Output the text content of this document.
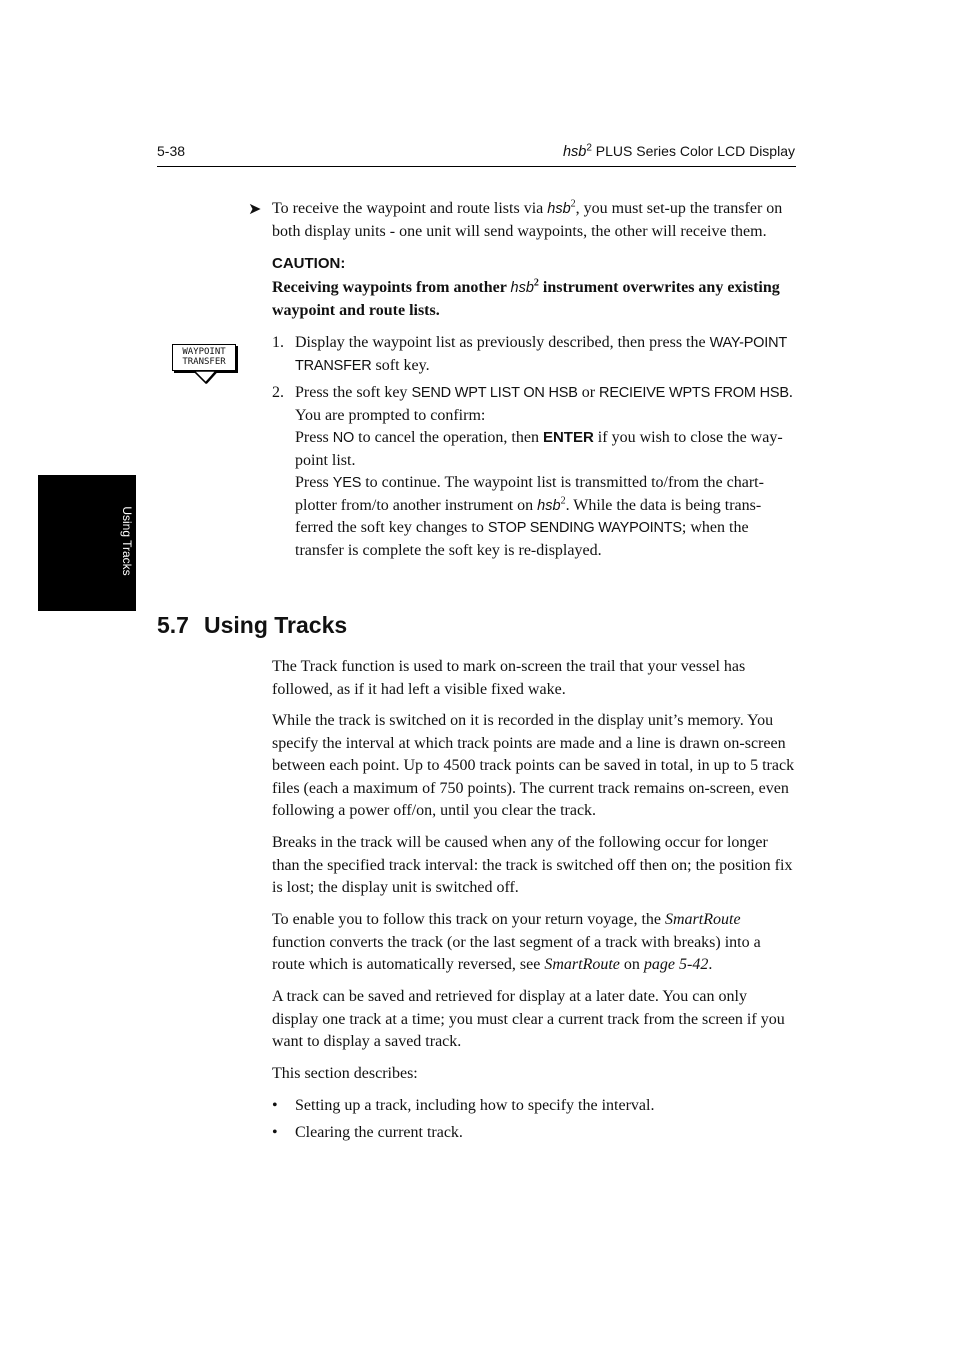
5-38	hsb$^2$ PLUS Series Color LCD Display
Using Tracks
➤ To receive the waypoint and route lists via hsb$^2$, you must set-up the transfer on both display units - one unit will send waypoints, the other will receive them.

CAUTION:

Receiving waypoints from another hsb$^2$ instrument overwrites any existing waypoint and route lists.

WAYPOINT
TRANSFER
1. Display the waypoint list as previously described, then press the WAY-POINT TRANSFER soft key.
2. Press the soft key SEND WPT LIST ON HSB or RECIEIVE WPTS FROM HSB. You are prompted to confirm:
Press NO to cancel the operation, then ENTER if you wish to close the way-point list.
Press YES to continue. The waypoint list is transmitted to/from the chart-plotter from/to another instrument on hsb$^2$. While the data is being trans-ferred the soft key changes to STOP SENDING WAYPOINTS; when the transfer is complete the soft key is re-displayed.
5.7 Using Tracks

The Track function is used to mark on-screen the trail that your vessel has followed, as if it had left a visible fixed wake.

While the track is switched on it is recorded in the display unit’s memory. You specify the interval at which track points are made and a line is drawn on-screen between each point. Up to 4500 track points can be saved in total, in up to 5 track files (each a maximum of 750 points). The current track remains on-screen, even following a power off/on, until you clear the track.

Breaks in the track will be caused when any of the following occur for longer than the specified track interval: the track is switched off then on; the position fix is lost; the display unit is switched off.

To enable you to follow this track on your return voyage, the SmartRoute function converts the track (or the last segment of a track with breaks) into a route which is automatically reversed, see SmartRoute on page 5-42.

A track can be saved and retrieved for display at a later date. You can only display one track at a time; you must clear a current track from the screen if you want to display a saved track.

This section describes:

• Setting up a track, including how to specify the interval.
• Clearing the current track.
